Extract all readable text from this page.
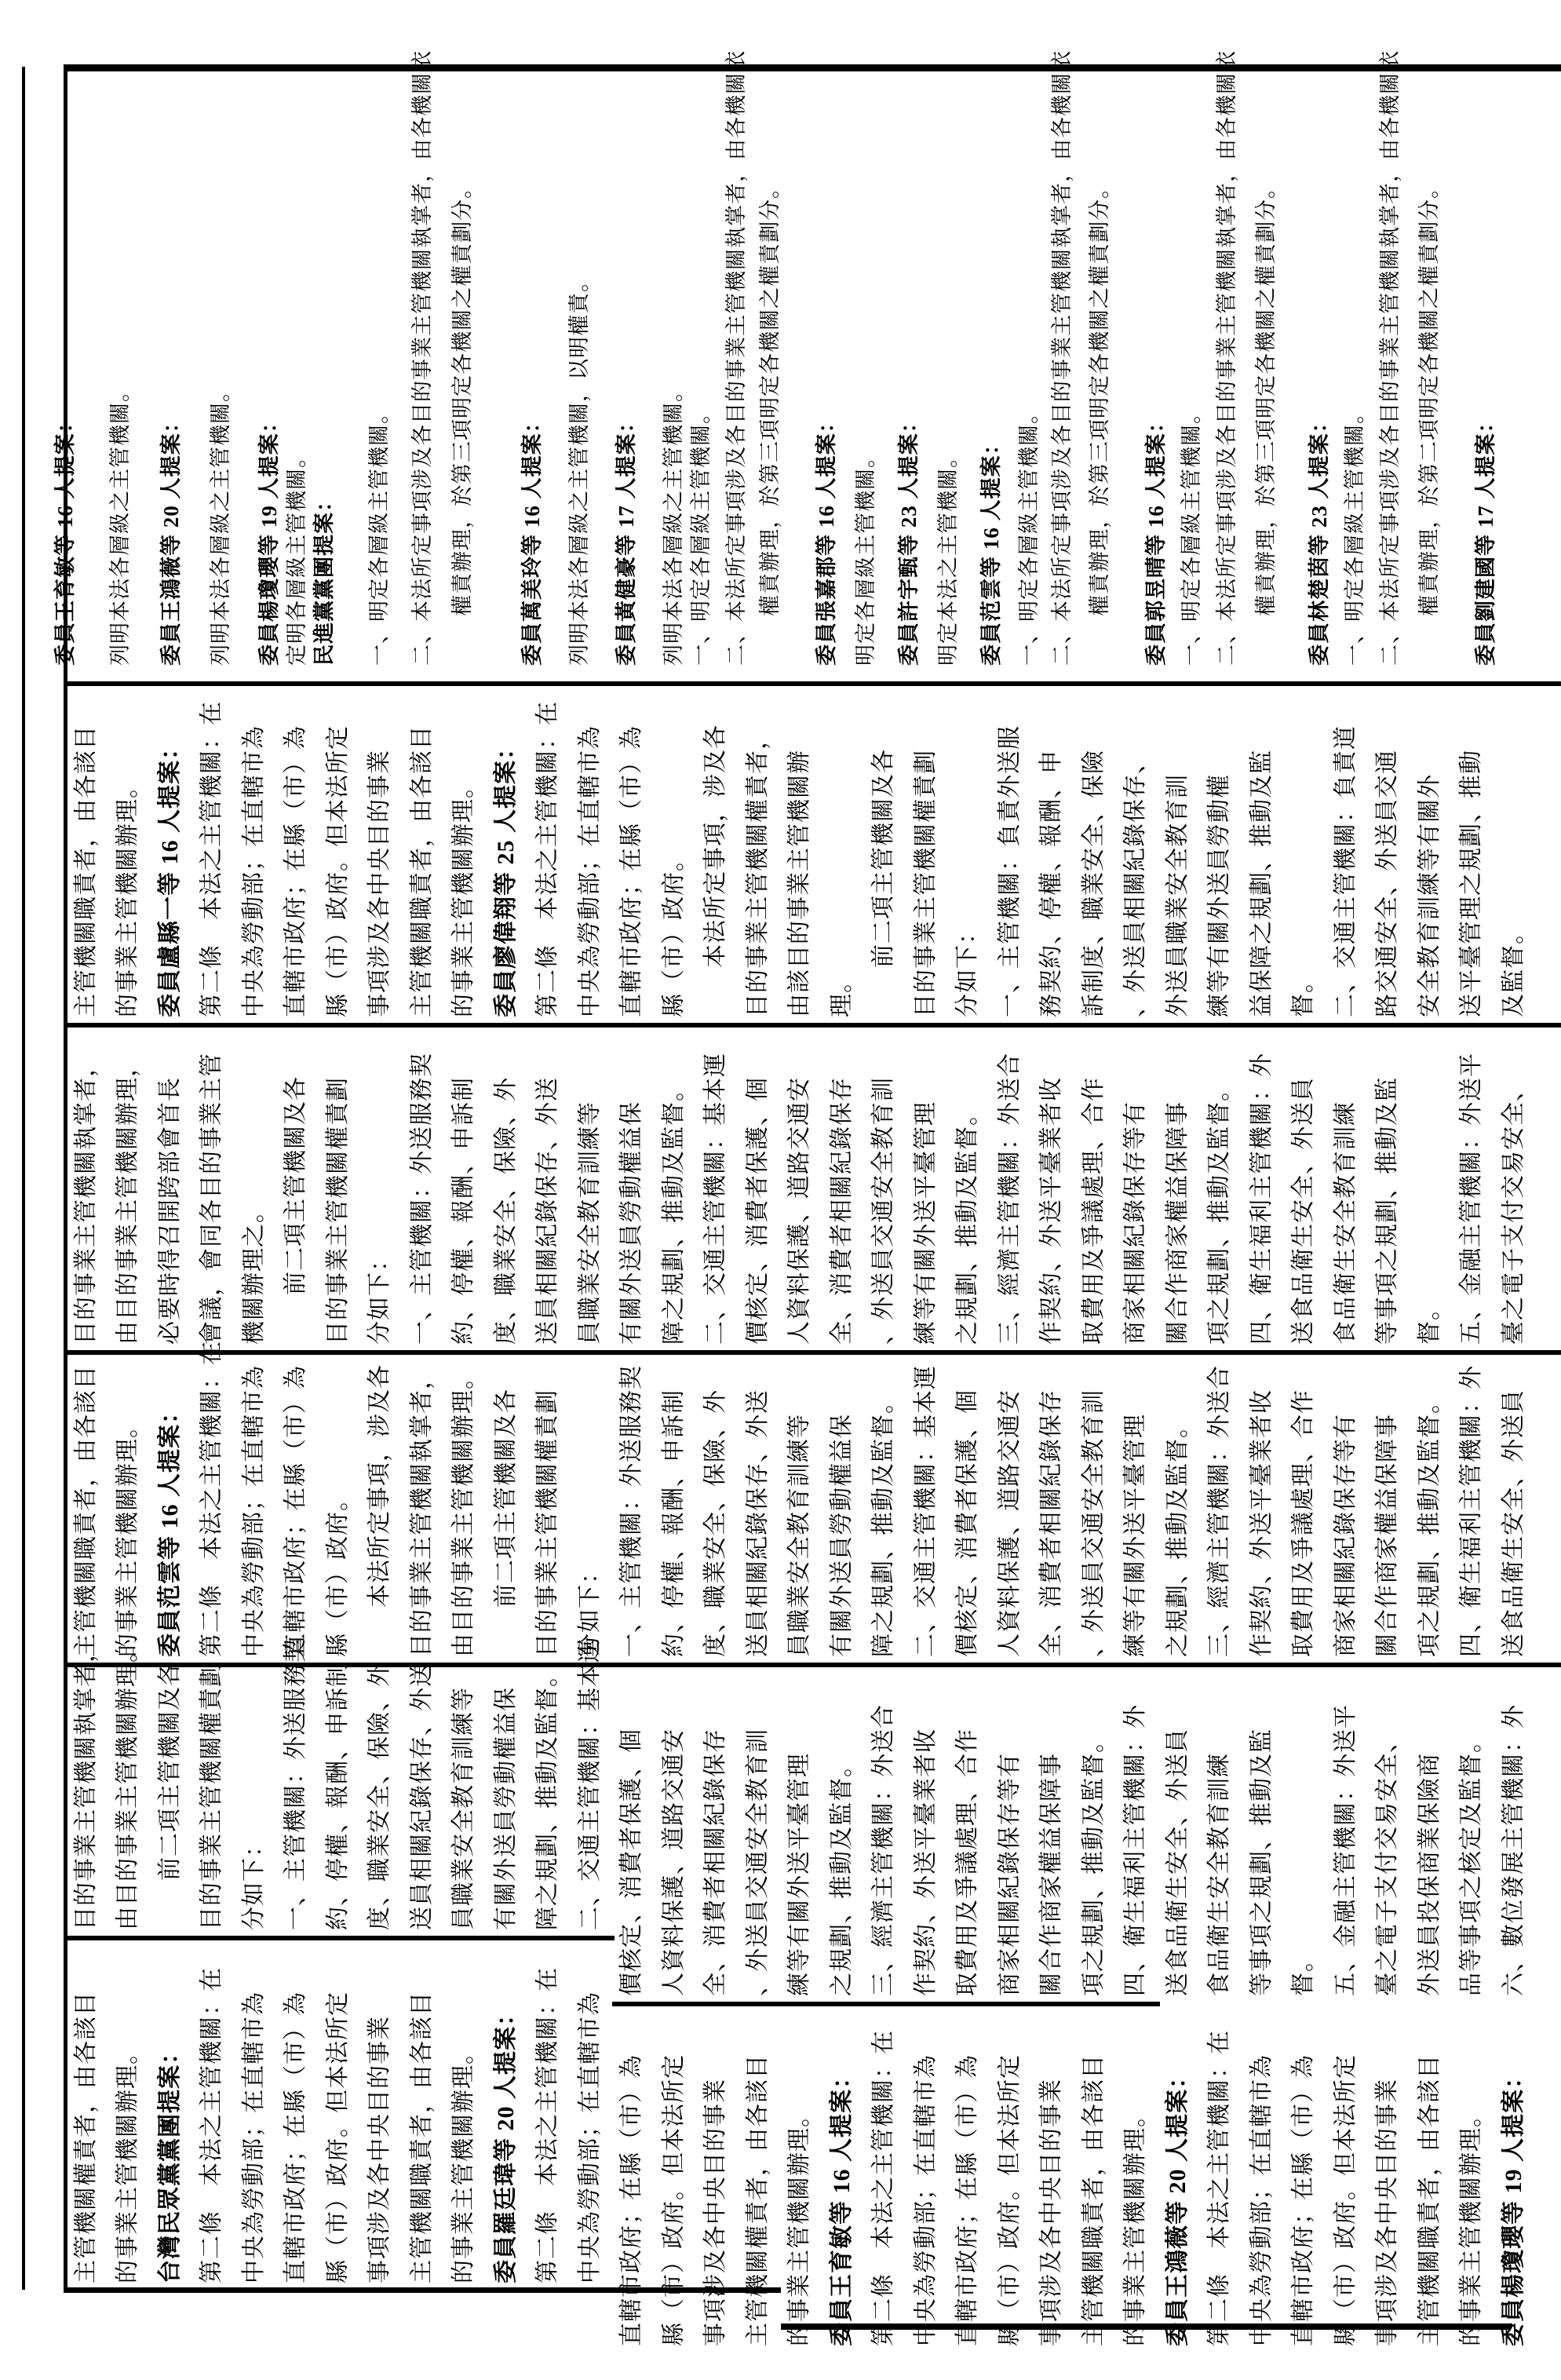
委員王育敏等 16 人提案： 列明本法各層級之主管機關。 委員王鴻薇等 20 人提案： 列明本法各層級之主管機關。 委員楊瓊瓔等 19 人提案： 定明各層級主管機關。 民進黨黨團提案： 一、明定各層級主管機關。 二、本法所定事項涉及各目的事業主管機關執掌者，由各機關依 權責辦理，於第三項明定各機關之權責劃分。 委員萬美玲等 16 人提案： 列明本法各層級之主管機關，以明權責。 委員黃健豪等 17 人提案： 列明本法各層級之主管機關。 一、明定各層級主管機關。 二、本法所定事項涉及各目的事業主管機關執掌者，由各機關依 權責辦理，於第三項明定各機關之權責劃分。 委員張嘉郡等 16 人提案： 明定各層級主管機關。 委員許宇甄等 23 人提案： 明定本法之主管機關。 委員范雲等 16 人提案： 一、明定各層級主管機關。 二、本法所定事項涉及各目的事業主管機關執掌者，由各機關依 權責辦理，於第三項明定各機關之權責劃分。 委員郭昱晴等 16 人提案： 一、明定各層級主管機關。 二、本法所定事項涉及各目的事業主管機關執掌者，由各機關依 權責辦理，於第三項明定各機關之權責劃分。 委員林楚茵等 23 人提案： 一、明定各層級主管機關。 二、本法所定事項涉及各目的事業主管機關執掌者，由各機關依 權責辦理，於第二項明定各機關之權責劃分。 委員劉建國等 17 人提案：
主管機關職責者，由各該目 的事業主管機關辦理。 委員盧縣一等 16 人提案： 第二條　本法之主管機關：在 中央為勞動部；在直轄市為 直轄市政府；在縣（市）為 縣（市）政府。但本法所定 事項涉及各中央目的事業 主管機關職責者，由各該目 的事業主管機關辦理。 委員廖偉翔等 25 人提案： 第二條　本法之主管機關：在 中央為勞動部；在直轄市為 直轄市政府；在縣（市）為 縣（市）政府。 本法所定事項，涉及各 目的事業主管機關權責者， 由該目的事業主管機關辦 理。
前二項主管機關及各 目的事業主管機關權責劃 分如下： 一、主管機關：負責外送服 務契約、停權、報酬、申 訴制度、職業安全、保險 、外送員相關紀錄保存、 外送員職業安全教育訓 練等有關外送員勞動權 益保障之規劃、推動及監 督。 二、交通主管機關：負責道 路交通安全、外送員交通 安全教育訓練等有關外 送平臺管理之規劃、推動 及監督。
目的事業主管機關執掌者， 由目的事業主管機關辦理， 必要時得召開跨部會首長 會議，會同各目的事業主管 機關辦理之。 前二項主管機關及各 目的事業主管機關權責劃 分如下： 一、主管機關：外送服務契 約、停權、報酬、申訴制 度、職業安全、保險、外 送員相關紀錄保存、外送 員職業安全教育訓練等 有關外送員勞動權益保 障之規劃、推動及監督。 二、交通主管機關：基本運 價核定、消費者保護、個 人資料保護、道路交通安 全、消費者相關紀錄保存 、外送員交通安全教育訓 練等有關外送平臺管理 之規劃、推動及監督。 三、經濟主管機關：外送合 作契約、外送平臺業者收 取費用及爭議處理、合作 商家相關紀錄保存等有 關合作商家權益保障事 項之規劃、推動及監督。 四、衛生福利主管機關：外 送食品衛生安全、外送員 食品衛生安全教育訓練 等事項之規劃、推動及監 督。 五、金融主管機關：外送平 臺之電子支付交易安全、
主管機關職責者，由各該目 的事業主管機關辦理。 委員范雲等 16 人提案： 第二條　本法之主管機關：在 中央為勞動部；在直轄市為 直轄市政府；在縣（市）為 縣（市）政府。 本法所定事項，涉及各 目的事業主管機關執掌者， 由目的事業主管機關辦理。 前二項主管機關及各 目的事業主管機關權責劃 分如下： 一、主管機關：外送服務契 約、停權、報酬、申訴制 度、職業安全、保險、外 送員相關紀錄保存、外送 員職業安全教育訓練等 有關外送員勞動權益保 障之規劃、推動及監督。 二、交通主管機關：基本運 價核定、消費者保護、個 人資料保護、道路交通安 全、消費者相關紀錄保存 、外送員交通安全教育訓 練等有關外送平臺管理 之規劃、推動及監督。 三、經濟主管機關：外送合 作契約、外送平臺業者收 取費用及爭議處理、合作 商家相關紀錄保存等有 關合作商家權益保障事 項之規劃、推動及監督。 四、衛生福利主管機關：外 送食品衛生安全、外送員
目的事業主管機關執掌者， 由目的事業主管機關辦理。 前二項主管機關及各 目的事業主管機關權責劃 分如下： 一、主管機關：外送服務契 約、停權、報酬、申訴制 度、職業安全、保險、外 送員相關紀錄保存、外送 員職業安全教育訓練等 有關外送員勞動權益保 障之規劃、推動及監督。 二、交通主管機關：基本運 價核定、消費者保護、個 人資料保護、道路交通安 全、消費者相關紀錄保存 、外送員交通安全教育訓 練等有關外送平臺管理 之規劃、推動及監督。 三、經濟主管機關：外送合 作契約、外送平臺業者收 取費用及爭議處理、合作 商家相關紀錄保存等有 關合作商家權益保障事 項之規劃、推動及監督。 四、衛生福利主管機關：外 送食品衛生安全、外送員 食品衛生安全教育訓練 等事項之規劃、推動及監 督。 五、金融主管機關：外送平 臺之電子支付交易安全、 外送員投保商業保險商 品等事項之核定及監督。 六、數位發展主管機關：外
主管機關權責者，由各該目 的事業主管機關辦理。 台灣民眾黨黨團提案： 第二條　本法之主管機關：在 中央為勞動部；在直轄市為 直轄市政府；在縣（市）為 縣（市）政府。但本法所定 事項涉及各中央目的事業 主管機關職責者，由各該目 的事業主管機關辦理。 委員羅廷瑋等 20 人提案： 第二條　本法之主管機關：在 中央為勞動部；在直轄市為 直轄市政府；在縣（市）為 縣（市）政府。但本法所定 事項涉及各中央目的事業 主管機關權責者，由各該目 的事業主管機關辦理。 委員王育敏等 16 人提案： 第二條　本法之主管機關：在 中央為勞動部；在直轄市為 直轄市政府；在縣（市）為 縣（市）政府。但本法所定 事項涉及各中央目的事業 主管機關職責者，由各該目 的事業主管機關辦理。 委員王鴻薇等 20 人提案： 第二條　本法之主管機關：在 中央為勞動部；在直轄市為 直轄市政府；在縣（市）為 縣（市）政府。但本法所定 事項涉及各中央目的事業 主管機關職責者，由各該目 的事業主管機關辦理。 委員楊瓊瓔等 19 人提案：
